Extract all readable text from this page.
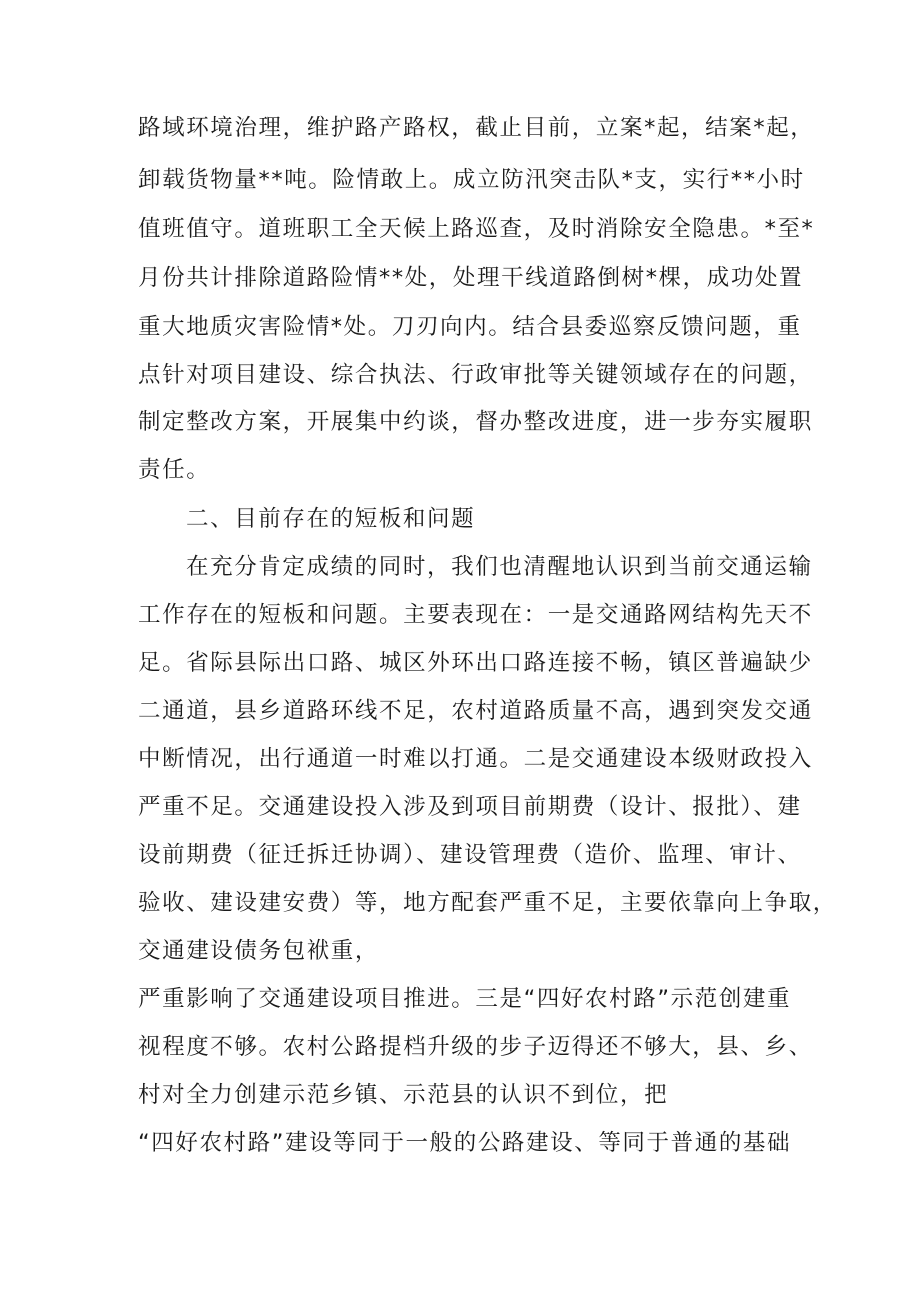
路域环境治理，维护路产路权，截止目前，立案*起，结案*起，

卸载货物量**吨。险情敢上。成立防汛突击队*支，实行**小时

值班值守。道班职工全天候上路巡查，及时消除安全隐患。*至*

月份共计排除道路险情**处，处理干线道路倒树*棵，成功处置

重大地质灾害险情*处。刀刃向内。结合县委巡察反馈问题，重

点针对项目建设、综合执法、行政审批等关键领域存在的问题，

制定整改方案，开展集中约谈，督办整改进度，进一步夯实履职

责任。

二、目前存在的短板和问题

在充分肯定成绩的同时，我们也清醒地认识到当前交通运输

工作存在的短板和问题。主要表现在：一是交通路网结构先天不

足。省际县际出口路、城区外环出口路连接不畅，镇区普遍缺少

二通道，县乡道路环线不足，农村道路质量不高，遇到突发交通

中断情况，出行通道一时难以打通。二是交通建设本级财政投入

严重不足。交通建设投入涉及到项目前期费（设计、报批）、建

设前期费（征迁拆迁协调）、建设管理费（造价、监理、审计、

验收、建设建安费）等，地方配套严重不足，主要依靠向上争取，

交通建设债务包袱重，

严重影响了交通建设项目推进。三是“四好农村路”示范创建重

视程度不够。农村公路提档升级的步子迈得还不够大，县、乡、

村对全力创建示范乡镇、示范县的认识不到位，把

“四好农村路”建设等同于一般的公路建设、等同于普通的基础
